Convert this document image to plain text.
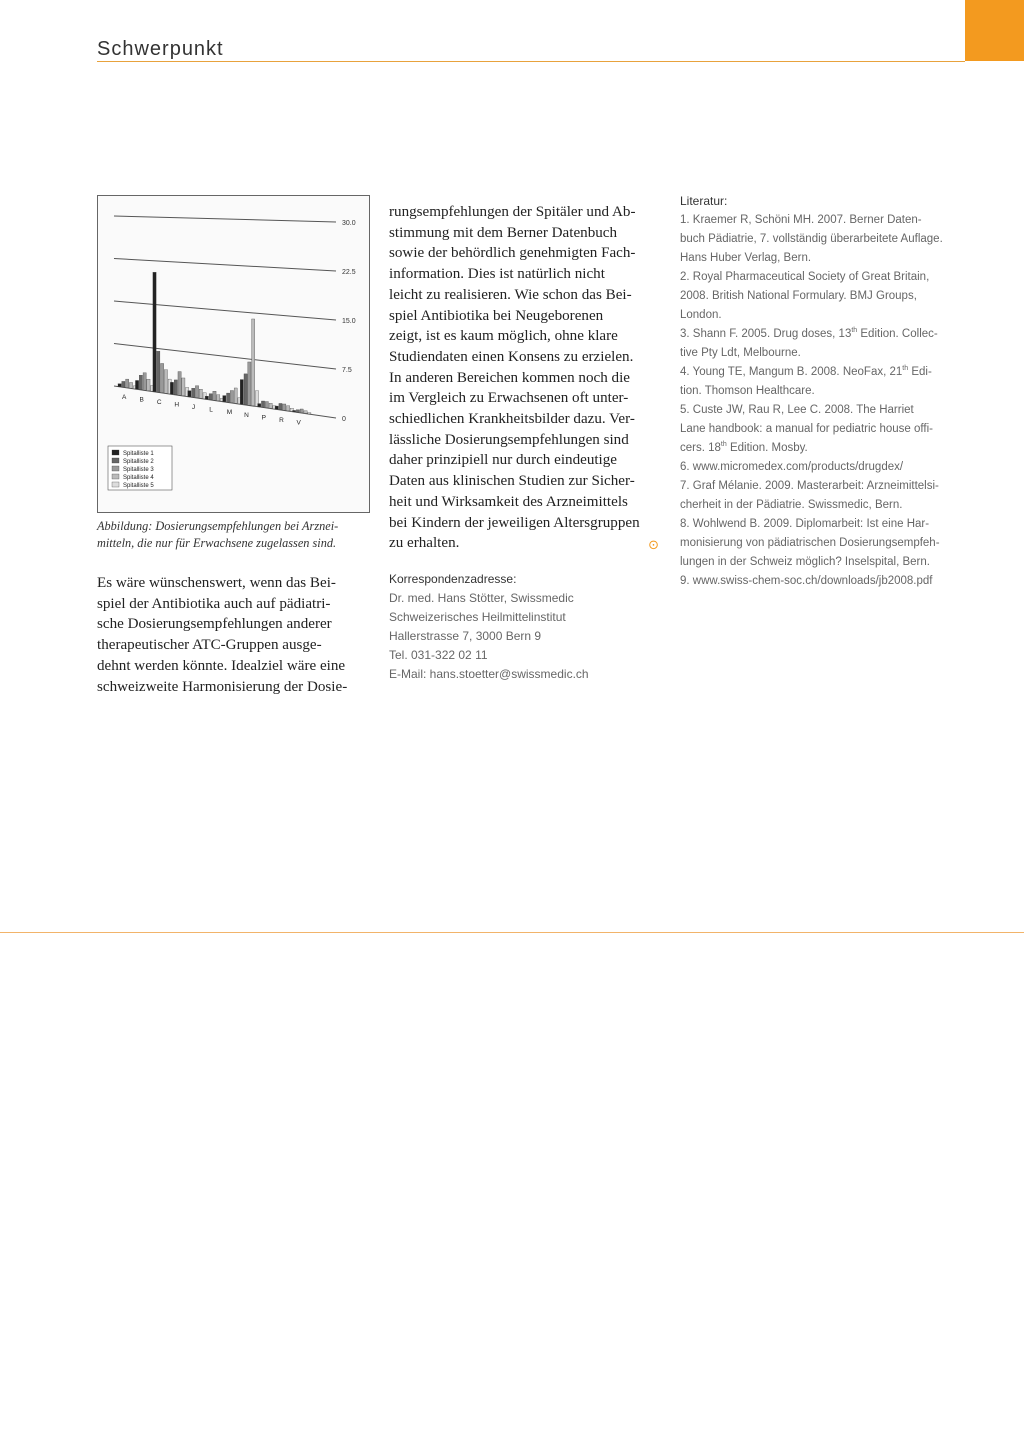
Schwerpunkt
30.0
22.5
15.0
7.5
0
A B C H J L M N P R V
Spitalliste 1
Spitalliste 2
Spitalliste 3
Spitalliste 4
Spitalliste 5
Abbildung: Dosierungsempfehlungen bei Arznei-
mitteln, die nur für Erwachsene zugelassen sind.
Es wäre wünschenswert, wenn das Bei-
spiel der Antibiotika auch auf pädiatri-
sche Dosierungsempfehlungen anderer
therapeutischer ATC-Gruppen ausge-
dehnt werden könnte. Idealziel wäre eine
schweizweite Harmonisierung der Dosie-
rungsempfehlungen der Spitäler und Ab-
stimmung mit dem Berner Datenbuch
sowie der behördlich genehmigten Fach-
information. Dies ist natürlich nicht
leicht zu realisieren. Wie schon das Bei-
spiel Antibiotika bei Neugeborenen
zeigt, ist es kaum möglich, ohne klare
Studiendaten einen Konsens zu erzielen.
In anderen Bereichen kommen noch die
im Vergleich zu Erwachsenen oft unter-
schiedlichen Krankheitsbilder dazu. Ver-
lässliche Dosierungsempfehlungen sind
daher prinzipiell nur durch eindeutige
Daten aus klinischen Studien zur Sicher-
heit und Wirksamkeit des Arzneimittels
bei Kindern der jeweiligen Altersgruppen
zu erhalten.	⊙
Korrespondenzadresse:
Dr. med. Hans Stötter, Swissmedic
Schweizerisches Heilmittelinstitut
Hallerstrasse 7, 3000 Bern 9
Tel. 031-322 02 11
E-Mail: hans.stoetter@swissmedic.ch
Literatur:
1. Kraemer R, Schöni MH. 2007. Berner Daten-
buch Pädiatrie, 7. vollständig überarbeitete Auflage.
Hans Huber Verlag, Bern.
2. Royal Pharmaceutical Society of Great Britain,
2008. British National Formulary. BMJ Groups,
London.
3. Shann F. 2005. Drug doses, 13th Edition. Collec-
tive Pty Ldt, Melbourne.
4. Young TE, Mangum B. 2008. NeoFax, 21th Edi-
tion. Thomson Healthcare.
5. Custe JW, Rau R, Lee C. 2008. The Harriet
Lane handbook: a manual for pediatric house offi-
cers. 18th Edition. Mosby.
6. www.micromedex.com/products/drugdex/
7. Graf Mélanie. 2009. Masterarbeit: Arzneimittelsi-
cherheit in der Pädiatrie. Swissmedic, Bern.
8. Wohlwend B. 2009. Diplomarbeit: Ist eine Har-
monisierung von pädiatrischen Dosierungsempfeh-
lungen in der Schweiz möglich? Inselspital, Bern.
9. www.swiss-chem-soc.ch/downloads/jb2008.pdf
